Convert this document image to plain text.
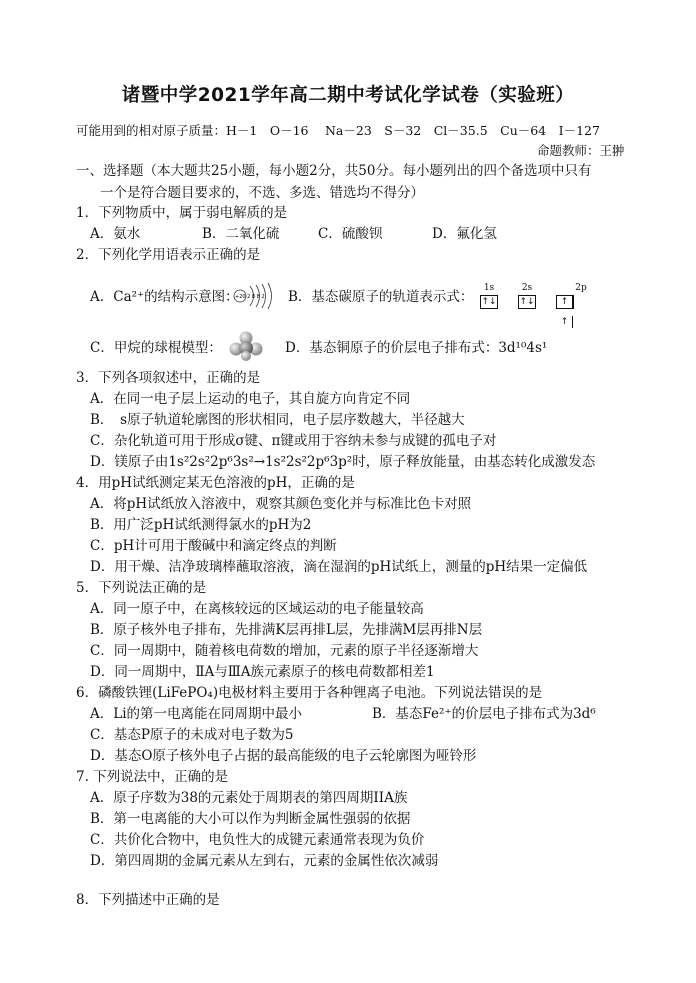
诸暨中学2021学年高二期中考试化学试卷（实验班）
可能用到的相对原子质量：H－1　O－16　 Na－23　S－32　Cl－35.5　Cu－64　I－127
命题教师：王翀
一、选择题（本大题共25小题，每小题2分，共50分。每小题列出的四个备选项中只有
一个是符合题目要求的，不选、多选、错选均不得分）
1．下列物质中，属于弱电解质的是
A．氨水	B．二氧化硫	C．硫酸钡	D．氟化氢
2．下列化学用语表示正确的是
A．Ca²⁺的结构示意图：
+20 2 8 8 2 B．基态碳原子的轨道表示式：
1s
↑↓
2s
↑↓
2p
↑↑
C．甲烷的球棍模型：	D．基态铜原子的价层电子排布式：3d¹⁰4s¹
3．下列各项叙述中，正确的是
A．在同一电子层上运动的电子，其自旋方向肯定不同
B．　s原子轨道轮廓图的形状相同，电子层序数越大，半径越大
C．杂化轨道可用于形成σ键、π键或用于容纳未参与成键的孤电子对
D．镁原子由1s²2s²2p⁶3s²→1s²2s²2p⁶3p²时，原子释放能量，由基态转化成激发态
4．用pH试纸测定某无色溶液的pH，正确的是
A．将pH试纸放入溶液中，观察其颜色变化并与标准比色卡对照
B．用广泛pH试纸测得氯水的pH为2
C．pH计可用于酸碱中和滴定终点的判断
D．用干燥、洁净玻璃棒蘸取溶液，滴在湿润的pH试纸上，测量的pH结果一定偏低
5．下列说法正确的是
A．同一原子中，在离核较远的区域运动的电子能量较高
B．原子核外电子排布，先排满K层再排L层，先排满M层再排N层
C．同一周期中，随着核电荷数的增加，元素的原子半径逐渐增大
D．同一周期中，ⅡA与ⅢA族元素原子的核电荷数都相差1
6．磷酸铁锂(LiFePO₄)电极材料主要用于各种锂离子电池。下列说法错误的是
A．Li的第一电离能在同周期中最小	B．基态Fe²⁺的价层电子排布式为3d⁶
C．基态P原子的未成对电子数为5
D．基态O原子核外电子占据的最高能级的电子云轮廓图为哑铃形
7. 下列说法中，正确的是
A．原子序数为38的元素处于周期表的第四周期IIA族
B．第一电离能的大小可以作为判断金属性强弱的依据
C．共价化合物中，电负性大的成键元素通常表现为负价
D．第四周期的金属元素从左到右，元素的金属性依次减弱
8．下列描述中正确的是
